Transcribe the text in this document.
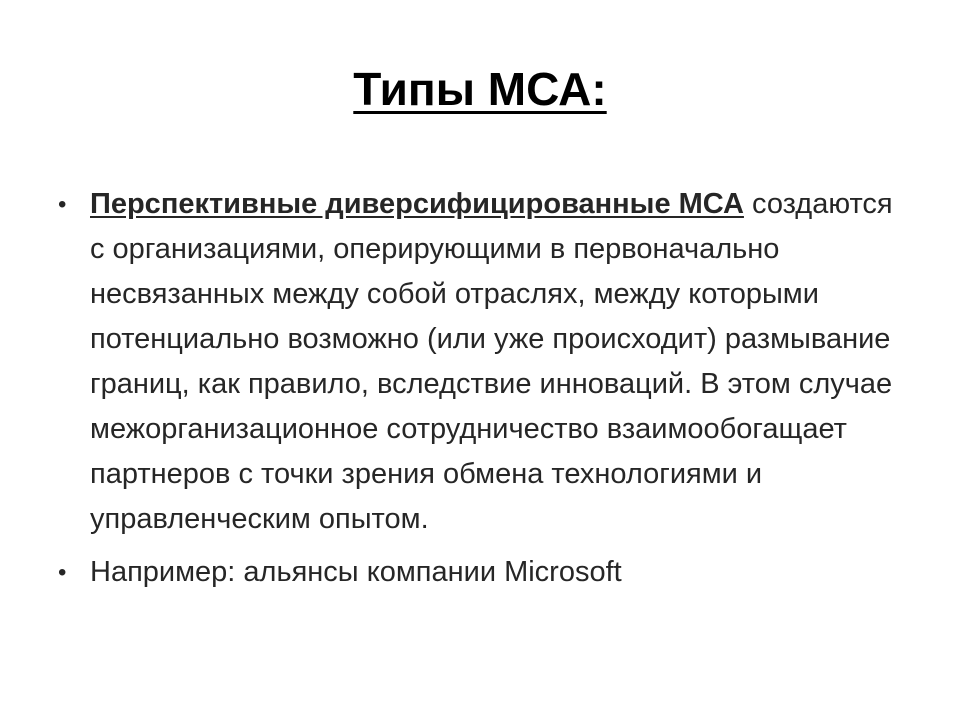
Типы МСА:
• Перспективные диверсифицированные МСА создаются с организациями, оперирующими в первоначально несвязанных между собой отраслях, между которыми потенциально возможно (или уже происходит) размывание границ, как правило, вследствие инноваций. В этом случае межорганизационное сотрудничество взаимообогащает партнеров с точки зрения обмена технологиями и управленческим опытом.
• Например: альянсы компании Microsoft
